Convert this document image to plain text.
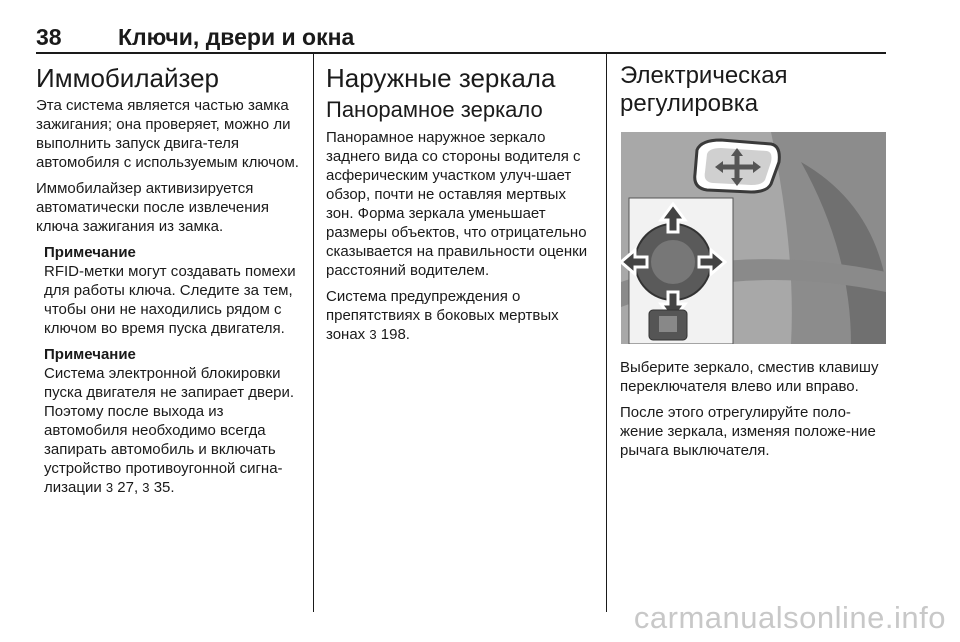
38 Ключи, двери и окна
Иммобилайзер

Эта система является частью замка зажигания; она проверяет, можно ли выполнить запуск двига-теля автомобиля с используемым ключом.

Иммобилайзер активизируется автоматически после извлечения ключа зажигания из замка.

Примечание

RFID-метки могут создавать помехи для работы ключа. Следите за тем, чтобы они не находились рядом с ключом во время пуска двигателя.

Примечание

Система электронной блокировки пуска двигателя не запирает двери. Поэтому после выхода из автомобиля необходимо всегда запирать автомобиль и включать устройство противоугонной сигна-лизации 3 27, 3 35.

Наружные зеркала
Панорамное зеркало

Панорамное наружное зеркало заднего вида со стороны водителя с асферическим участком улуч-шает обзор, почти не оставляя мертвых зон. Форма зеркала уменьшает размеры объектов, что отрицательно сказывается на правильности оценки расстояний водителем.

Система предупреждения о препятствиях в боковых мертвых зонах 3 198.

Электрическая регулировка

Выберите зеркало, сместив клавишу переключателя влево или вправо.

После этого отрегулируйте поло-жение зеркала, изменяя положе-ние рычага выключателя.

carmanualsonline.info
